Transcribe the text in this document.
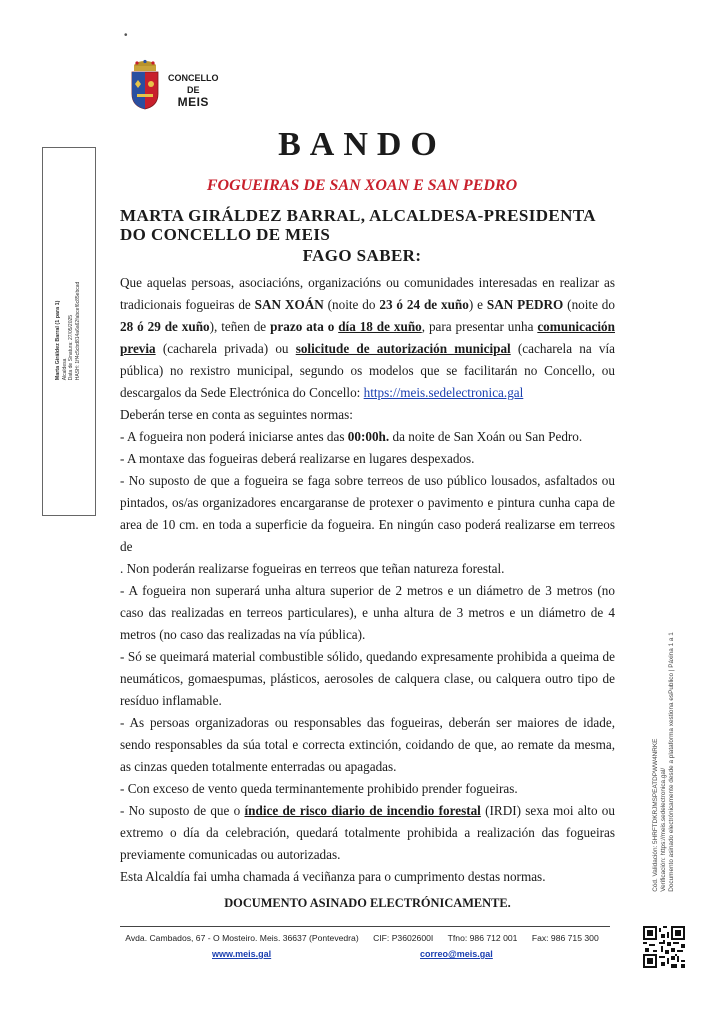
•
CONCELLO
DE
MEIS
Marta Giráldez Barral (1 para 1)
Alcaldesa
Data de Sinatura: 27/05/2025
HASH: 1ff4c5cbd814a6a62fabcef6c85ebcad
BANDO
FOGUEIRAS DE SAN XOAN E SAN PEDRO
MARTA GIRÁLDEZ BARRAL, ALCALDESA-PRESIDENTA DO CONCELLO DE MEIS
FAGO SABER:

Que aquelas persoas, asociacións, organizacións ou comunidades interesadas en realizar as tradicionais fogueiras de SAN XOÁN (noite do 23 ó 24 de xuño) e SAN PEDRO (noite do 28 ó 29 de xuño), teñen de prazo ata o día 18 de xuño, para presentar unha comunicación previa (cacharela privada) ou solicitude de autorización municipal (cacharela na vía pública) no rexistro municipal, segundo os modelos que se facilitarán no Concello, ou descargalos da Sede Electrónica do Concello: https://meis.sedelectronica.gal

Deberán terse en conta as seguintes normas:

- A fogueira non poderá iniciarse antes das 00:00h. da noite de San Xoán ou San Pedro.

- A montaxe das fogueiras deberá realizarse en lugares despexados.

- No suposto de que a fogueira se faga sobre terreos de uso público lousados, asfaltados ou pintados, os/as organizadores encargaranse de protexer o pavimento e pintura cunha capa de area de 10 cm. en toda a superficie da fogueira. En ningún caso poderá realizarse em terreos de

. Non poderán realizarse fogueiras en terreos que teñan natureza forestal.

- A fogueira non superará unha altura superior de 2 metros e un diámetro de 3 metros (no caso das realizadas en terreos particulares), e unha altura de 3 metros e un diámetro de 4 metros (no caso das realizadas na vía pública).

- Só se queimará material combustible sólido, quedando expresamente prohibida a queima de neumáticos, gomaespumas, plásticos, aerosoles de calquera clase, ou calquera outro tipo de resíduo inflamable.

- As persoas organizadoras ou responsables das fogueiras, deberán ser maiores de idade, sendo responsables da súa total e correcta extinción, coidando de que, ao remate da mesma, as cinzas queden totalmente enterradas ou apagadas.

- Con exceso de vento queda terminantemente prohibido prender fogueiras.

- No suposto de que o índice de risco diario de incendio forestal (IRDI) sexa moi alto ou extremo o día da celebración, quedará totalmente prohibida a realización das fogueiras previamente comunicadas ou autorizadas.

Esta Alcaldía fai umha chamada á veciñanza para o cumprimento destas normas.

DOCUMENTO ASINADO ELECTRÓNICAMENTE.

Cód. Validación: 5HRFTDKRJMSPEATDPWW4NRKE
Verificación: https://meis.sedelectronica.gal/
Documento asinado electrónicamente desde a plataforma xestiona esPublico | Páxina 1 a 1
Avda. Cambados, 67 - O Mosteiro. Meis. 36637 (Pontevedra) CIF: P3602600I Tfno: 986 712 001 Fax: 986 715 300
www.meis.gal	correo@meis.gal
